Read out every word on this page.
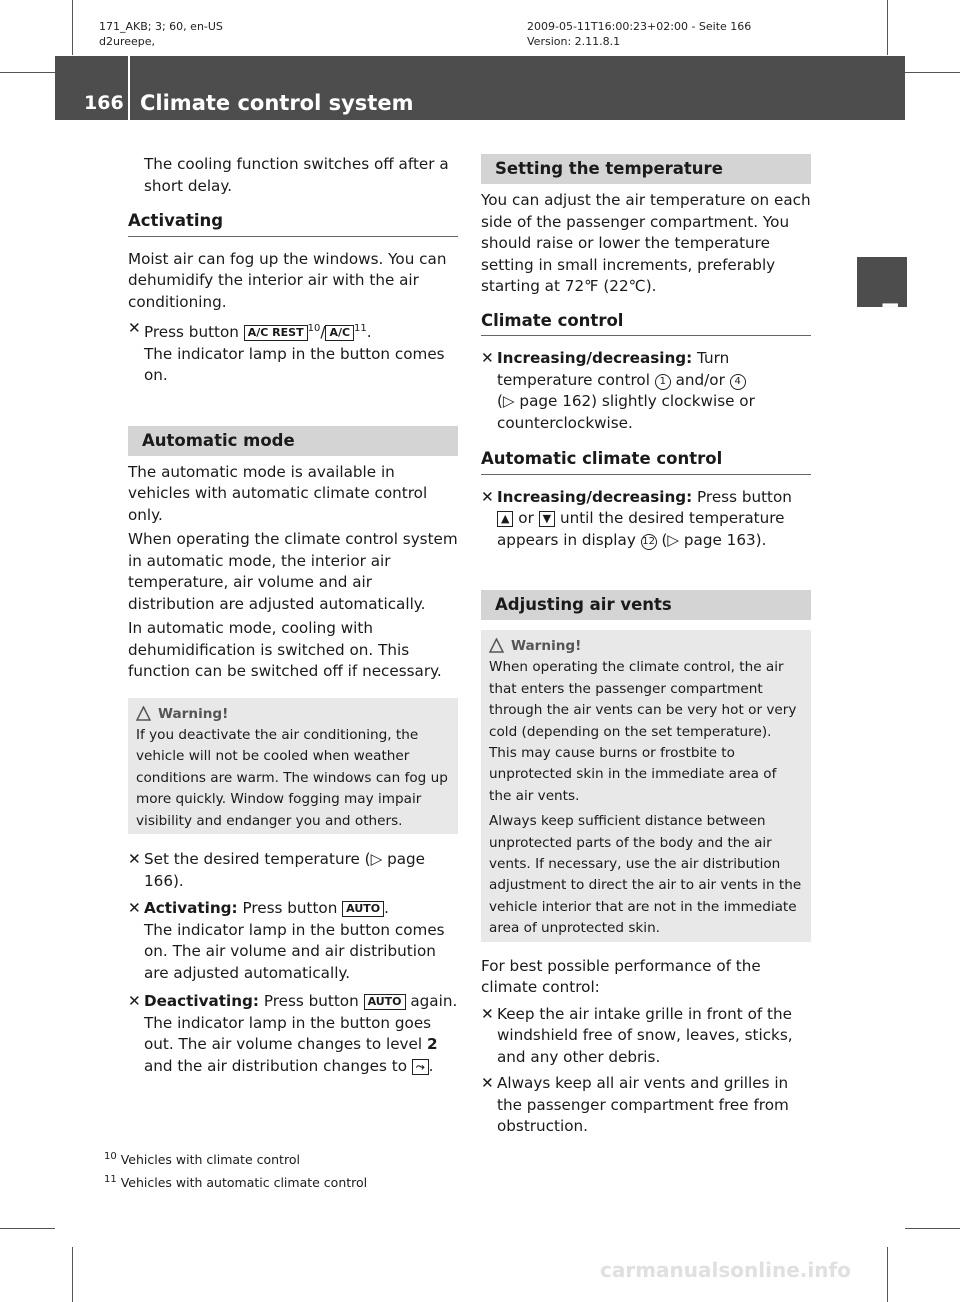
171_AKB; 3; 60, en-US
d2ureepe,
2009-05-11T16:00:23+02:00 - Seite 166
Version: 2.11.8.1
166 Climate control system
Controls in detail

The cooling function switches off after a short delay.

Activating

Moist air can fog up the windows. You can dehumidify the interior air with the air conditioning.

✕ Press button A/C REST $^{10}$/ A/C $^{11}$.
The indicator lamp in the button comes on.
Automatic mode

The automatic mode is available in vehicles with automatic climate control only.

When operating the climate control system in automatic mode, the interior air temperature, air volume and air distribution are adjusted automatically.

In automatic mode, cooling with dehumidification is switched on. This function can be switched off if necessary.

Warning!
If you deactivate the air conditioning, the vehicle will not be cooled when weather conditions are warm. The windows can fog up more quickly. Window fogging may impair visibility and endanger you and others.
✕ Set the desired temperature (▷ page 166).
✕ Activating: Press button AUTO .
The indicator lamp in the button comes on. The air volume and air distribution are adjusted automatically.
✕ Deactivating: Press button AUTO again.
The indicator lamp in the button goes out. The air volume changes to level 2 and the air distribution changes to ⤳ .
Setting the temperature

You can adjust the air temperature on each side of the passenger compartment. You should raise or lower the temperature setting in small increments, preferably starting at 72℉ (22℃).

Climate control
✕ Increasing/decreasing: Turn temperature control 1 and/or 4
(▷ page 162) slightly clockwise or counterclockwise.
Automatic climate control
✕ Increasing/decreasing: Press button
▲ or ▼ until the desired temperature appears in display 12 (▷ page 163).
Adjusting air vents
Warning!
When operating the climate control, the air that enters the passenger compartment through the air vents can be very hot or very cold (depending on the set temperature). This may cause burns or frostbite to unprotected skin in the immediate area of the air vents.
Always keep sufficient distance between unprotected parts of the body and the air vents. If necessary, use the air distribution adjustment to direct the air to air vents in the vehicle interior that are not in the immediate area of unprotected skin.

For best possible performance of the climate control:

✕ Keep the air intake grille in front of the windshield free of snow, leaves, sticks, and any other debris.
✕ Always keep all air vents and grilles in the passenger compartment free from obstruction.
$^{10}$ Vehicles with climate control
$^{11}$ Vehicles with automatic climate control
carmanualsonline.info
